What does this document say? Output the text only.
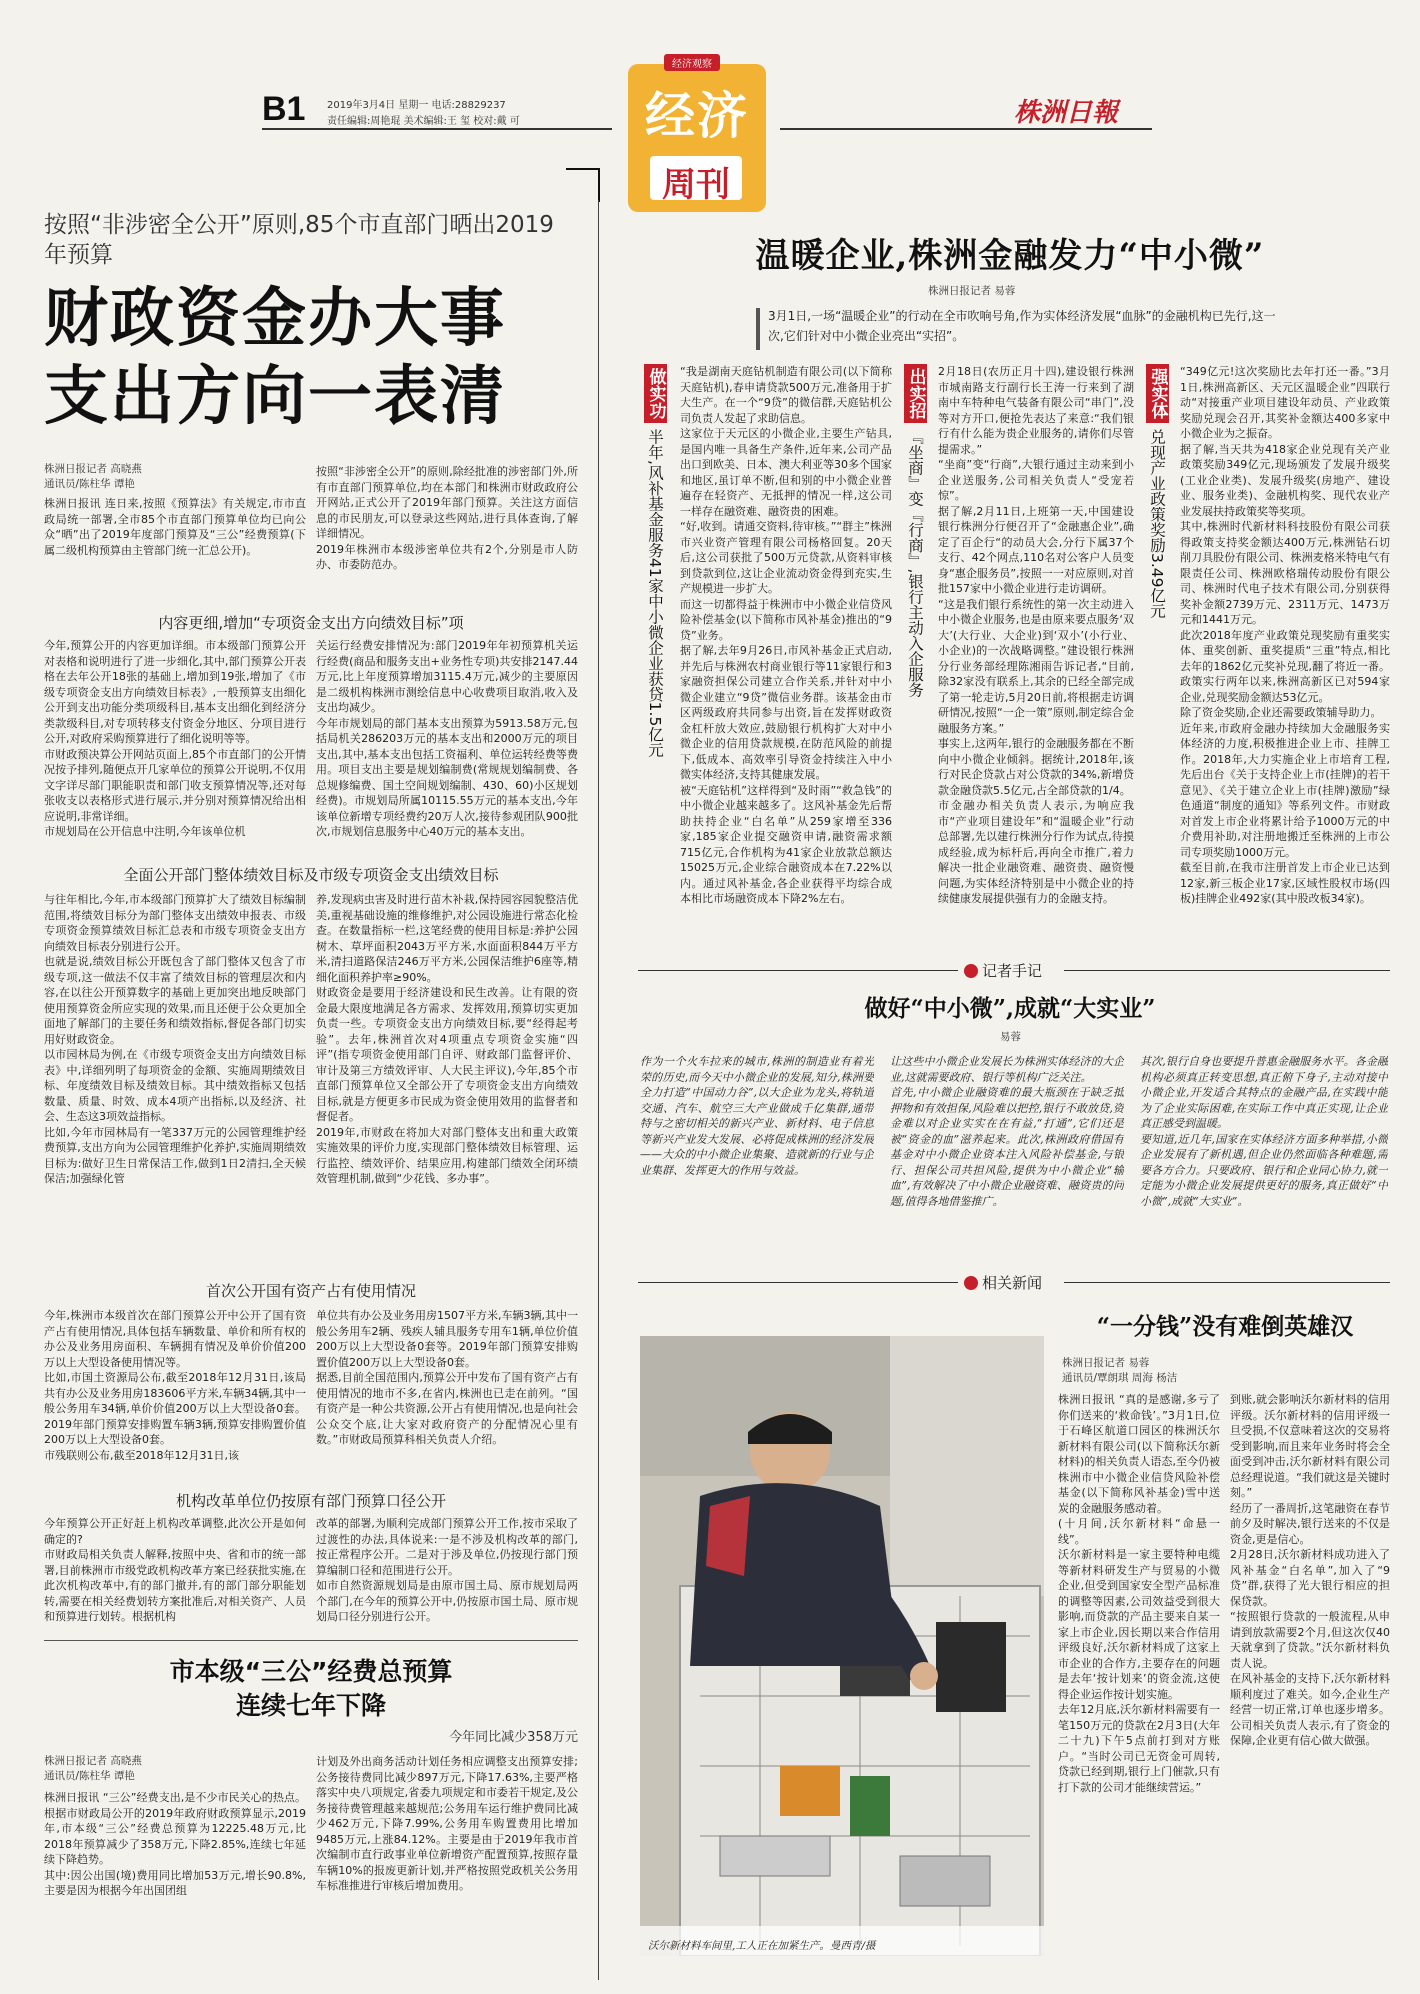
B1 2019年3月4日 星期一 电话:28829237
责任编辑:周艳琨 美术编辑:王 玺 校对:戴 可
经济观察
经济
周刊
株洲日報
按照“非涉密全公开”原则,85个市直部门晒出2019年预算
财政资金办大事
支出方向一表清
株洲日报记者 高晓燕
通讯员/陈柱华 谭艳

株洲日报讯 连日来,按照《预算法》有关规定,市市直政局统一部署,全市85个市直部门预算单位均已向公众“晒”出了2019年度部门预算及“三公”经费预算(下属二级机构预算由主管部门统一汇总公开)。

按照“非涉密全公开”的原则,除经批准的涉密部门外,所有市直部门预算单位,均在本部门和株洲市财政政府公开网站,正式公开了2019年部门预算。关注这方面信息的市民朋友,可以登录这些网站,进行具体查询,了解详细情况。
2019年株洲市本级涉密单位共有2个,分别是市人防办、市委防范办。

内容更细,增加“专项资金支出方向绩效目标”项

今年,预算公开的内容更加详细。市本级部门预算公开对表格和说明进行了进一步细化,其中,部门预算公开表格在去年公开18张的基础上,增加到19张,增加了《市级专项资金支出方向绩效目标表》,一般预算支出细化公开到支出功能分类项级科目,基本支出细化到经济分类款级科目,对专项转移支付资金分地区、分项目进行公开,对政府采购预算进行了细化说明等等。
市财政预决算公开网站页面上,85个市直部门的公开情况按予排列,随便点开几家单位的预算公开说明,不仅用文字详尽部门职能职责和部门收支预算情况等,还对每张收支以表格形式进行展示,并分别对预算情况给出相应说明,非常详细。
市规划局在公开信息中注明,今年该单位机

关运行经费安排情况为:部门2019年年初预算机关运行经费(商品和服务支出+业务性专项)共安排2147.44万元,比上年度预算增加3115.4万元,减少的主要原因是二级机构株洲市测绘信息中心收费项目取消,收入及支出均减少。
今年市规划局的部门基本支出预算为5913.58万元,包括局机关286203万元的基本支出和2000万元的项目支出,其中,基本支出包括工资福利、单位运转经费等费用。项目支出主要是规划编制费(常规规划编制费、各总规修编费、国土空间规划编制、430、60)小区规划经费)。市规划局所属10115.55万元的基本支出,今年该单位新增专项经费约20万人次,接待参观团队900批次,市规划信息服务中心40万元的基本支出。

全面公开部门整体绩效目标及市级专项资金支出绩效目标

与往年相比,今年,市本级部门预算扩大了绩效目标编制范围,将绩效目标分为部门整体支出绩效申报表、市级专项资金预算绩效目标汇总表和市级专项资金支出方向绩效目标表分别进行公开。
也就是说,绩效目标公开既包含了部门整体又包含了市级专项,这一做法不仅丰富了绩效目标的管理层次和内容,在以往公开预算数字的基础上更加突出地反映部门使用预算资金所应实现的效果,而且还便于公众更加全面地了解部门的主要任务和绩效指标,督促各部门切实用好财政资金。
以市园林局为例,在《市级专项资金支出方向绩效目标表》中,详细列明了每项资金的金额、实施周期绩效目标、年度绩效目标及绩效目标。其中绩效指标又包括数量、质量、时效、成本4项产出指标,以及经济、社会、生态这3项效益指标。
比如,今年市园林局有一笔337万元的公园管理维护经费预算,支出方向为公园管理维护化养护,实施周期绩效目标为:做好卫生日常保洁工作,做到1日2清扫,全天候保洁;加强绿化管

养,发现病虫害及时进行苗木补栽,保持园容园貌整洁优美,重视基础设施的维修维护,对公园设施进行常态化检查。在数量指标一栏,这笔经费的使用目标是:养护公园树木、草坪面积2043万平方米,水面面积844万平方米,清扫道路保洁246万平方米,公园保洁维护6座等,精细化面积养护率≥90%。
财政资金是要用于经济建设和民生改善。让有限的资金最大限度地满足各方需求、发挥效用,预算切实更加负责一些。专项资金支出方向绩效目标,要“经得起考验”。去年,株洲首次对4项重点专项资金实施“四评”(指专项资金使用部门自评、财政部门监督评价、审计及第三方绩效评审、人大民主评议),今年,85个市直部门预算单位又全部公开了专项资金支出方向绩效目标,就是方便更多市民成为资金使用效用的监督者和督促者。
2019年,市财政在将加大对部门整体支出和重大政策实施效果的评价力度,实现部门整体绩效目标管理、运行监控、绩效评价、结果应用,构建部门绩效全闭环绩效管理机制,做到“少花钱、多办事”。

首次公开国有资产占有使用情况

今年,株洲市本级首次在部门预算公开中公开了国有资产占有使用情况,具体包括车辆数量、单价和所有权的办公及业务用房面积、车辆拥有情况及单价价值200万以上大型设备使用情况等。
比如,市国土资源局公布,截至2018年12月31日,该局共有办公及业务用房183606平方米,车辆34辆,其中一般公务用车34辆,单价价值200万以上大型设备0套。2019年部门预算安排购置车辆3辆,预算安排购置价值200万以上大型设备0套。
市残联则公布,截至2018年12月31日,该

单位共有办公及业务用房1507平方米,车辆3辆,其中一般公务用车2辆、残疾人辅具服务专用车1辆,单位价值200万以上大型设备0套等。2019年部门预算安排购置价值200万以上大型设备0套。
据悉,目前全国范围内,预算公开中发布了国有资产占有使用情况的地市不多,在省内,株洲也已走在前列。“国有资产是一种公共资源,公开占有使用情况,也是向社会公众交个底,让大家对政府资产的分配情况心里有数。”市财政局预算科相关负责人介绍。

机构改革单位仍按原有部门预算口径公开

今年预算公开正好赶上机构改革调整,此次公开是如何确定的?
市财政局相关负责人解释,按照中央、省和市的统一部署,目前株洲市市级党政机构改革方案已经获批实施,在此次机构改革中,有的部门撤并,有的部门部分职能划转,需要在相关经费划转方案批准后,对相关资产、人员和预算进行划转。根据机构

改革的部署,为顺利完成部门预算公开工作,按市采取了过渡性的办法,具体说来:一是不涉及机构改革的部门,按正常程序公开。二是对于涉及单位,仍按现行部门预算编制口径和范围进行公开。
如市自然资源规划局是由原市国土局、原市规划局两个部门,在今年的预算公开中,仍按原市国土局、原市规划局口径分别进行公开。

市本级“三公”经费总预算
连续七年下降
今年同比减少358万元
株洲日报记者 高晓燕
通讯员/陈柱华 谭艳

株洲日报讯 “三公”经费支出,是不少市民关心的热点。根据市财政局公开的2019年政府财政预算显示,2019年,市本级“三公”经费总预算为12225.48万元,比2018年预算减少了358万元,下降2.85%,连续七年延续下降趋势。
其中:因公出国(境)费用同比增加53万元,增长90.8%,主要是因为根据今年出国团组

计划及外出商务活动计划任务相应调整支出预算安排;公务接待费同比减少897万元,下降17.63%,主要严格落实中央八项规定,省委九项规定和市委若干规定,及公务接待费管理越来越规范;公务用车运行维护费同比减少462万元,下降7.99%,公务用车购置费用比增加9485万元,上涨84.12%。主要是由于2019年我市首次编制市直行政事业单位新增资产配置预算,按照存量车辆10%的报废更新计划,并严格按照党政机关公务用车标准推进行审核后增加费用。

温暖企业,株洲金融发力“中小微”
株洲日报记者 易蓉

3月1日,一场“温暖企业”的行动在全市吹响号角,作为实体经济发展“血脉”的金融机构已先行,这一次,它们针对中小微企业亮出“实招”。

做实功
半年,风补基金服务41家中小微企业获贷1.5亿元
出实招
『坐商』变『行商』,银行主动入企服务
强实体
兑现产业政策奖励3.49亿元

“我是湖南天庭钻机制造有限公司(以下简称天庭钻机),春申请贷款500万元,准备用于扩大生产。在一个“9贷”的微信群,天庭钻机公司负责人发起了求助信息。
这家位于天元区的小微企业,主要生产钻具,是国内唯一具备生产条件,近年来,公司产品出口到欧美、日本、澳大利亚等30多个国家和地区,虽订单不断,但和别的中小微企业普遍存在轻资产、无抵押的情况一样,这公司一样存在融资难、融资贵的困难。
“好,收到。请通交资料,待审核。”“群主”株洲市兴业资产管理有限公司杨格回复。20天后,这公司获批了500万元贷款,从资料审核到贷款到位,这让企业流动资金得到充实,生产规模进一步扩大。
而这一切都得益于株洲市中小微企业信贷风险补偿基金(以下简称市风补基金)推出的“9贷”业务。
据了解,去年9月26日,市风补基金正式启动,并先后与株洲农村商业银行等11家银行和3家融资担保公司建立合作关系,并针对中小微企业建立“9贷”微信业务群。该基金由市区两级政府共同参与出资,旨在发挥财政资金杠杆放大效应,鼓励银行机构扩大对中小微企业的信用贷款规模,在防范风险的前提下,低成本、高效率引导资金持续注入中小微实体经济,支持其健康发展。
被“天庭钻机”这样得到“及时雨”“救急钱”的中小微企业越来越多了。这风补基金先后帮助扶持企业“白名单”从259家增至336家,185家企业提交融资申请,融资需求额715亿元,合作机构为41家企业放款总额达15025万元,企业综合融资成本在7.22%以内。通过风补基金,各企业获得平均综合成本相比市场融资成本下降2%左右。

2月18日(农历正月十四),建设银行株洲市城南路支行副行长王涛一行来到了湖南中车特种电气装备有限公司“串门”,没等对方开口,便抢先表达了来意:“我们银行有什么能为贵企业服务的,请你们尽管提需求。”
“坐商”变“行商”,大银行通过主动来到小企业送服务,公司相关负责人“受宠若惊”。
据了解,2月11日,上班第一天,中国建设银行株洲分行便召开了“金融惠企业”,确定了百企行“的动员大会,分行下属37个支行、42个网点,110名对公客户人员变身“惠企服务员”,按照一一对应原则,对首批157家中小微企业进行走访调研。
“这是我们银行系统性的第一次主动进入中小微企业服务,也是由原来要点服务‘双大’(大行业、大企业)到‘双小’(小行业、小企业)的一次战略调整。”建设银行株洲分行业务部经理陈湘雨告诉记者,“目前,除32家没有联系上,其余的已经全部完成了第一轮走访,5月20日前,将根据走访调研情况,按照“一企一策”原则,制定综合金融服务方案。”
事实上,这两年,银行的金融服务都在不断向中小微企业倾斜。据统计,2018年,该行对民企贷款占对公贷款的34%,新增贷款金融贷款5.5亿元,占全部贷款的1/4。
市金融办相关负责人表示,为响应我市“产业项目建设年”和“温暖企业”行动总部署,先以建行株洲分行作为试点,待摸成经验,成为标杆后,再向全市推广,着力解决一批企业融资难、融资贵、融资慢问题,为实体经济特别是中小微企业的持续健康发展提供强有力的金融支持。

“349亿元!这次奖励比去年打还一番。”3月1日,株洲高新区、天元区温暖企业”四联行动“对接重产业项目建设年动员、产业政策奖励兑现会召开,其奖补金额达400多家中小微企业为之振奋。
据了解,当天共为418家企业兑现有关产业政策奖励349亿元,现场颁发了发展升级奖(工业企业类)、发展升级奖(房地产、建设业、服务业类)、金融机构奖、现代农业产业发展扶持政策奖等奖项。
其中,株洲时代新材料科技股份有限公司获得政策支持奖金额达400万元,株洲钻石切削刀具股份有限公司、株洲麦格米特电气有限责任公司、株洲欧格瑞传动股份有限公司、株洲时代电子技术有限公司,分别获得奖补金额2739万元、2311万元、1473万元和1441万元。
此次2018年度产业政策兑现奖励有重奖实体、重奖创新、重奖提质“三重”特点,相比去年的1862亿元奖补兑现,翻了将近一番。政策实行两年以来,株洲高新区已对594家企业,兑现奖励金额达53亿元。
除了资金奖励,企业还需要政策辅导助力。
近年来,市政府金融办持续加大金融服务实体经济的力度,积极推进企业上市、挂牌工作。2018年,大力实施企业上市培育工程,先后出台《关于支持企业上市(挂牌)的若干意见》、《关于建立企业上市(挂牌)激励”绿色通道“制度的通知》等系列文件。市财政对首发上市企业将累计给予1000万元的中介费用补助,对注册地搬迁至株洲的上市公司专项奖励1000万元。
截至目前,在我市注册首发上市企业已达到12家,新三板企业17家,区域性股权市场(四板)挂牌企业492家(其中股改板34家)。

记者手记
做好“中小微”,成就“大实业”
易蓉

作为一个火车拉来的城市,株洲的制造业有着光荣的历史,而今天中小微企业的发展,知分,株洲要全力打造“中国动力谷”,以大企业为龙头,将轨道交通、汽车、航空三大产业做成千亿集群,通带特与之密切相关的新兴产业、新材料、电子信息等新兴产业发大发展、必将促成株洲的经济发展——大众的中小微企业集聚、造就新的行业与企业集群、发挥更大的作用与效益。

让这些中小微企业发展长为株洲实体经济的大企业,这就需要政府、银行等机构广泛关注。
首先,中小微企业融资难的最大瓶颈在于缺乏抵押物和有效担保,风险难以把控,银行不敢放贷,资金难以对企业实实在在有益,“打通”,它们还是被“资金的血”滋养起来。此次,株洲政府借国有基金对中小微企业资本注入风险补偿基金,与银行、担保公司共担风险,提供为中小微企业“输血”,有效解决了中小微企业融资难、融资贵的问题,值得各地借鉴推广。

其次,银行自身也要提升普惠金融服务水平。各金融机构必须真正转变思想,真正俯下身子,主动对接中小微企业,开发适合其特点的金融产品,在实践中能为了企业实际困难,在实际工作中真正实现,让企业真正感受到温暖。
要知道,近几年,国家在实体经济方面多种举措,小微企业发展有了新机遇,但企业仍然面临各种难题,需要各方合力。只要政府、银行和企业同心协力,就一定能为小微企业发展提供更好的服务,真正做好“中小微”,成就“大实业”。

相关新闻
“一分钱”没有难倒英雄汉
株洲日报记者 易蓉
通讯员/覃朗琪 周海 杨洁
沃尔新材料车间里,工人正在加紧生产。曼西青/摄

株洲日报讯 “真的是感谢,多亏了你们送来的‘救命钱’。”3月1日,位于石峰区航道口园区的株洲沃尔新材料有限公司(以下简称沃尔新材料)的相关负责人语态,至今仍被株洲市中小微企业信贷风险补偿基金(以下简称风补基金)雪中送炭的金融服务感动着。
(十月间,沃尔新材料“命悬一线”。
沃尔新材料是一家主要特种电缆等新材料研发生产与贸易的小微企业,但受到国家安全型产品标准的调整等因素,公司效益受到很大影响,而贷款的产品主要来自某一家上市企业,因长期以来合作信用评级良好,沃尔新材料成了这家上市企业的合作方,主要存在的问题是去年‘按计划来’的资金流,这使得企业运作按计划实施。
去年12月底,沃尔新材料需要有一笔150万元的贷款在2月3日(大年二十九)下午5点前打到对方账户。“当时公司已无资金可周转,贷款已经到期,银行上门催款,只有打下款的公司才能继续营运。”

到账,就会影响沃尔新材料的信用评级。沃尔新材料的信用评级一旦受损,不仅意味着这次的交易将受到影响,而且来年业务时将会全面受到冲击,沃尔新材料有限公司总经理说道。“我们就这是关键时刻。”
经历了一番周折,这笔融资在春节前夕及时解决,银行送来的不仅是资金,更是信心。
2月28日,沃尔新材料成功进入了风补基金“白名单”,加入了“9贷”群,获得了光大银行相应的担保贷款。
“按照银行贷款的一般流程,从申请到放款需要2个月,但这次仅40天就拿到了贷款。”沃尔新材料负责人说。
在风补基金的支持下,沃尔新材料顺利度过了难关。如今,企业生产经营一切正常,订单也逐步增多。公司相关负责人表示,有了资金的保障,企业更有信心做大做强。
